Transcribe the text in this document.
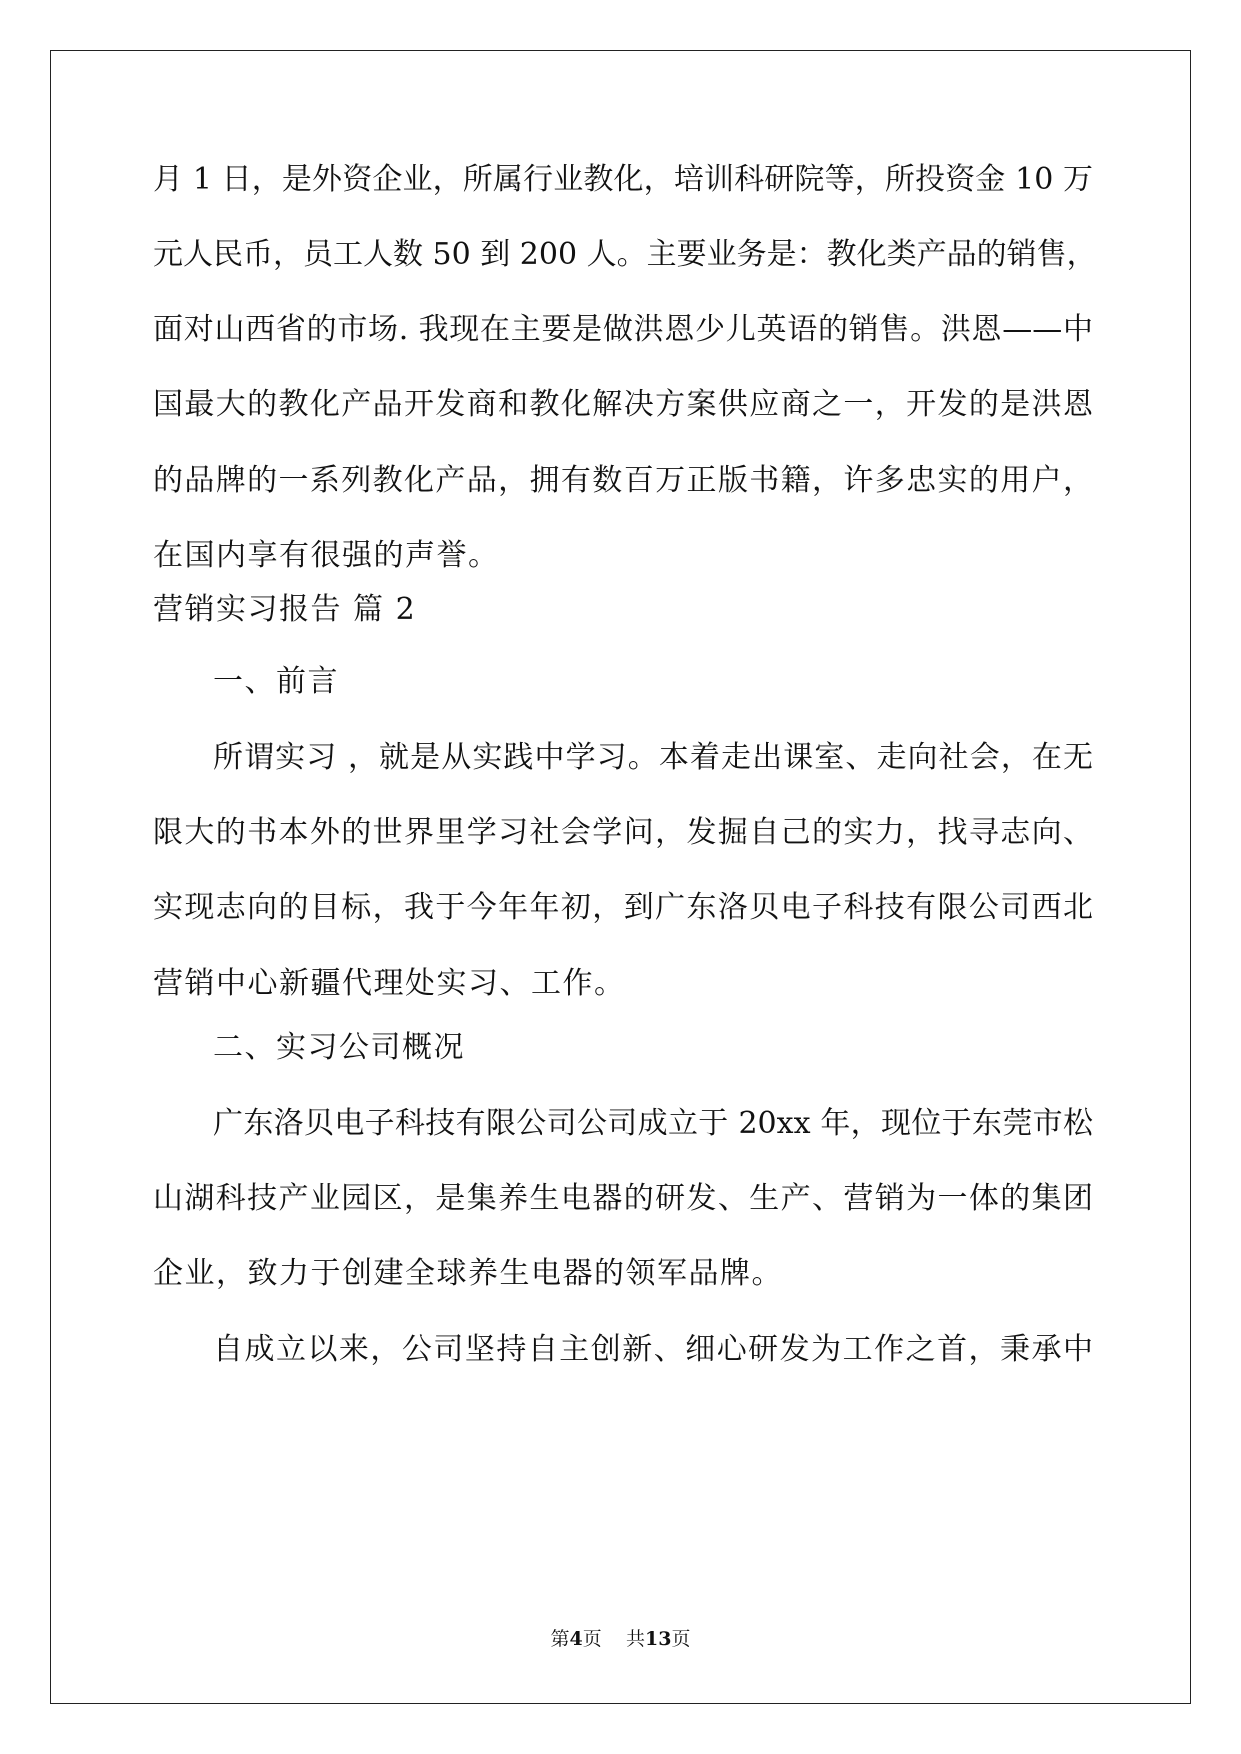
月 1 日，是外资企业，所属行业教化，培训科研院等，所投资金 10 万
元人民币，员工人数 50 到 200 人。主要业务是：教化类产品的销售，
面对山西省的市场. 我现在主要是做洪恩少儿英语的销售。洪恩——中
国最大的教化产品开发商和教化解决方案供应商之一，开发的是洪恩
的品牌的一系列教化产品，拥有数百万正版书籍，许多忠实的用户，
在国内享有很强的声誉。
营销实习报告 篇 2
一、前言
所谓实习 ，就是从实践中学习。本着走出课室、走向社会，在无
限大的书本外的世界里学习社会学问，发掘自己的实力，找寻志向、
实现志向的目标，我于今年年初，到广东洛贝电子科技有限公司西北
营销中心新疆代理处实习、工作。
二、实习公司概况
广东洛贝电子科技有限公司公司成立于 20xx 年，现位于东莞市松
山湖科技产业园区，是集养生电器的研发、生产、营销为一体的集团
企业，致力于创建全球养生电器的领军品牌。
自成立以来，公司坚持自主创新、细心研发为工作之首，秉承中
第4页 共13页
